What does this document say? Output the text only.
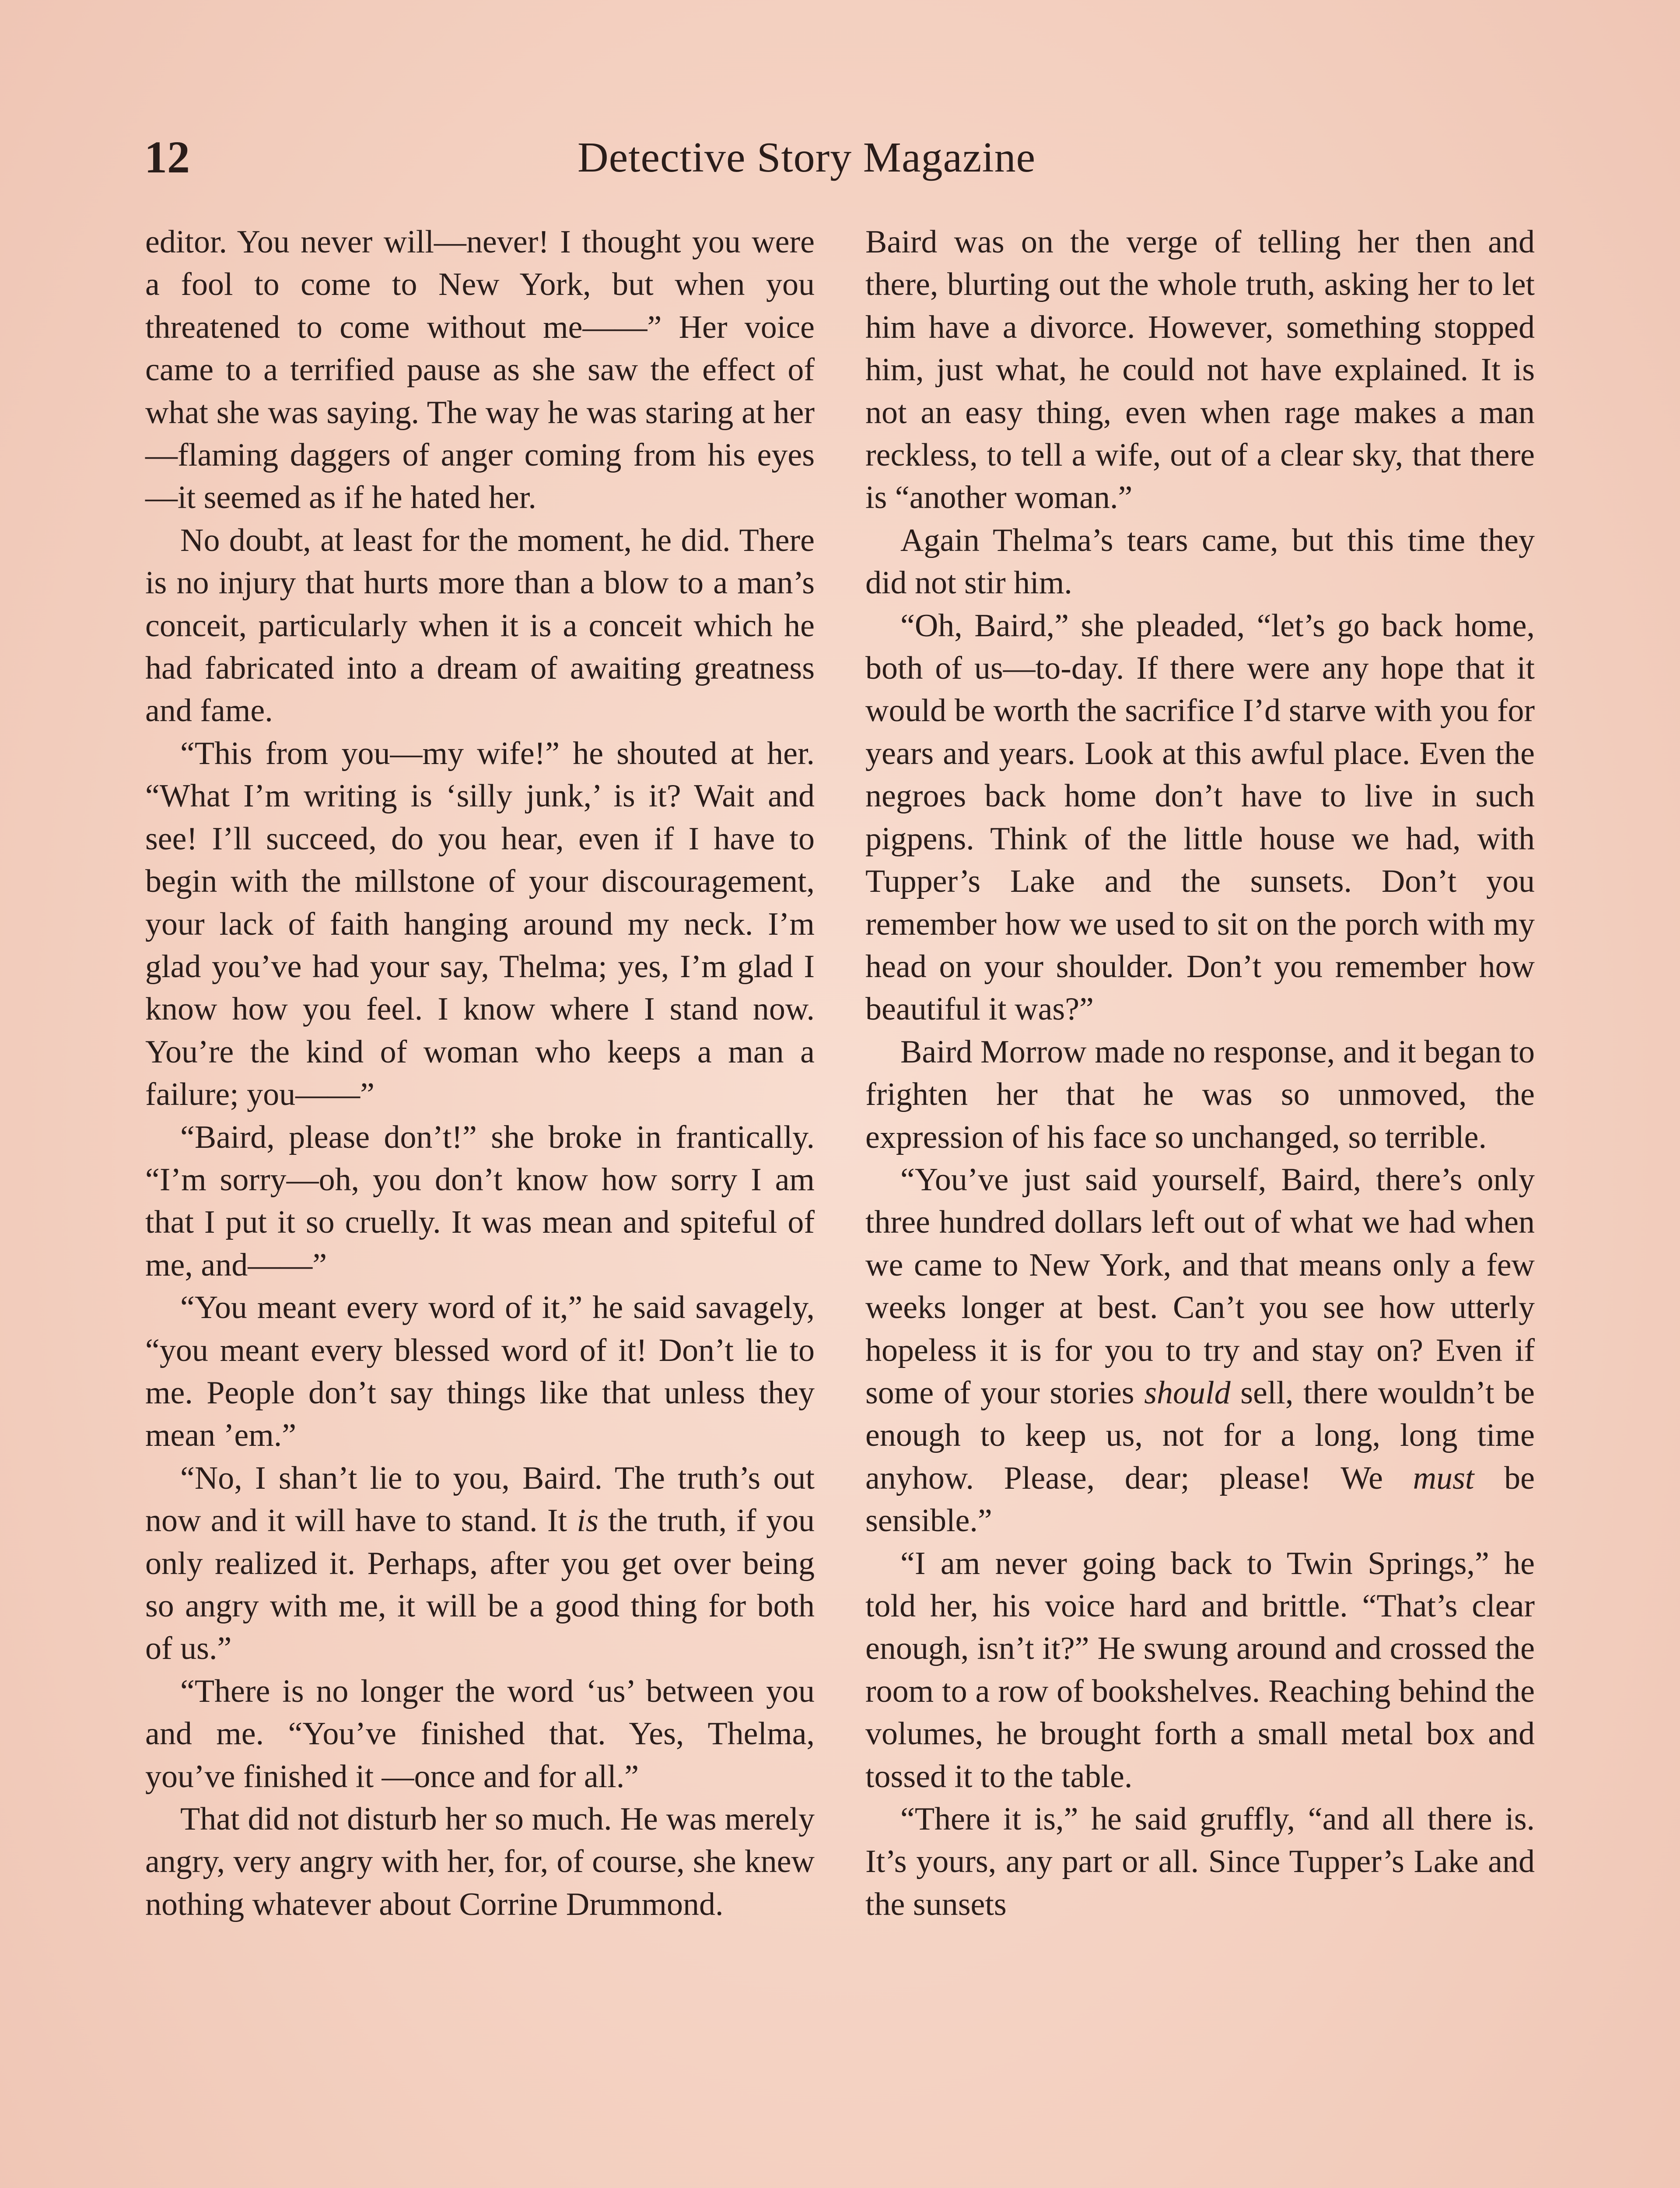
12	Detective Story Magazine

editor. You never will—never! I thought you were a fool to come to New York, but when you threatened to come without me——” Her voice came to a terrified pause as she saw the effect of what she was saying. The way he was staring at her—flaming daggers of anger coming from his eyes—it seemed as if he hated her.

No doubt, at least for the moment, he did. There is no injury that hurts more than a blow to a man’s conceit, particularly when it is a conceit which he had fabricated into a dream of awaiting greatness and fame.

“This from you—my wife!” he shouted at her. “What I’m writing is ‘silly junk,’ is it? Wait and see! I’ll succeed, do you hear, even if I have to begin with the millstone of your discouragement, your lack of faith hanging around my neck. I’m glad you’ve had your say, Thelma; yes, I’m glad I know how you feel. I know where I stand now. You’re the kind of woman who keeps a man a failure; you——”

“Baird, please don’t!” she broke in frantically. “I’m sorry—oh, you don’t know how sorry I am that I put it so cruelly. It was mean and spiteful of me, and——”

“You meant every word of it,” he said savagely, “you meant every blessed word of it! Don’t lie to me. People don’t say things like that unless they mean ’em.”

“No, I shan’t lie to you, Baird. The truth’s out now and it will have to stand. It is the truth, if you only realized it. Perhaps, after you get over being so angry with me, it will be a good thing for both of us.”

“There is no longer the word ‘us’ between you and me. “You’ve finished that. Yes, Thelma, you’ve finished it —once and for all.”

That did not disturb her so much. He was merely angry, very angry with her, for, of course, she knew nothing whatever about Corrine Drummond.

Baird was on the verge of telling her then and there, blurting out the whole truth, asking her to let him have a divorce. However, something stopped him, just what, he could not have explained. It is not an easy thing, even when rage makes a man reckless, to tell a wife, out of a clear sky, that there is “another woman.”

Again Thelma’s tears came, but this time they did not stir him.

“Oh, Baird,” she pleaded, “let’s go back home, both of us—to-day. If there were any hope that it would be worth the sacrifice I’d starve with you for years and years. Look at this awful place. Even the negroes back home don’t have to live in such pigpens. Think of the little house we had, with Tupper’s Lake and the sunsets. Don’t you remember how we used to sit on the porch with my head on your shoulder. Don’t you remember how beautiful it was?”

Baird Morrow made no response, and it began to frighten her that he was so unmoved, the expression of his face so unchanged, so terrible.

“You’ve just said yourself, Baird, there’s only three hundred dollars left out of what we had when we came to New York, and that means only a few weeks longer at best. Can’t you see how utterly hopeless it is for you to try and stay on? Even if some of your stories should sell, there wouldn’t be enough to keep us, not for a long, long time anyhow. Please, dear; please! We must be sensible.”

“I am never going back to Twin Springs,” he told her, his voice hard and brittle. “That’s clear enough, isn’t it?” He swung around and crossed the room to a row of bookshelves. Reaching behind the volumes, he brought forth a small metal box and tossed it to the table.

“There it is,” he said gruffly, “and all there is. It’s yours, any part or all. Since Tupper’s Lake and the sunsets
